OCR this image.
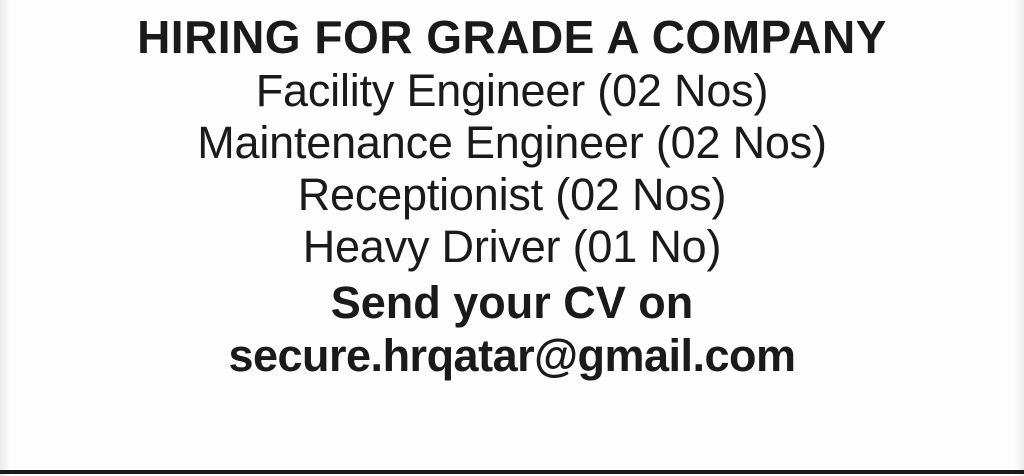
HIRING FOR GRADE A COMPANY
Facility Engineer (02 Nos)
Maintenance Engineer (02 Nos)
Receptionist (02 Nos)
Heavy Driver (01 No)
Send your CV on
secure.hrqatar@gmail.com
